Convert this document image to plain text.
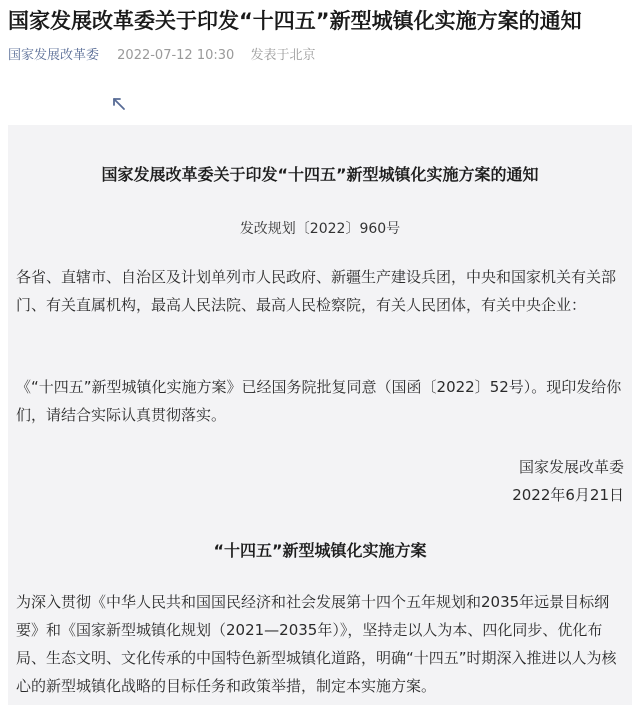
国家发展改革委关于印发“十四五”新型城镇化实施方案的通知
国家发展改革委 2022-07-12 10:30 发表于北京
国家发展改革委关于印发“十四五”新型城镇化实施方案的通知
发改规划〔2022〕960号
各省、直辖市、自治区及计划单列市人民政府、新疆生产建设兵团，中央和国家机关有关部门、有关直属机构，最高人民法院、最高人民检察院，有关人民团体，有关中央企业：
《“十四五”新型城镇化实施方案》已经国务院批复同意（国函〔2022〕52号）。现印发给你们，请结合实际认真贯彻落实。
国家发展改革委
2022年6月21日
“十四五”新型城镇化实施方案
为深入贯彻《中华人民共和国国民经济和社会发展第十四个五年规划和2035年远景目标纲要》和《国家新型城镇化规划（2021—2035年）》，坚持走以人为本、四化同步、优化布局、生态文明、文化传承的中国特色新型城镇化道路，明确“十四五”时期深入推进以人为核心的新型城镇化战略的目标任务和政策举措，制定本实施方案。
